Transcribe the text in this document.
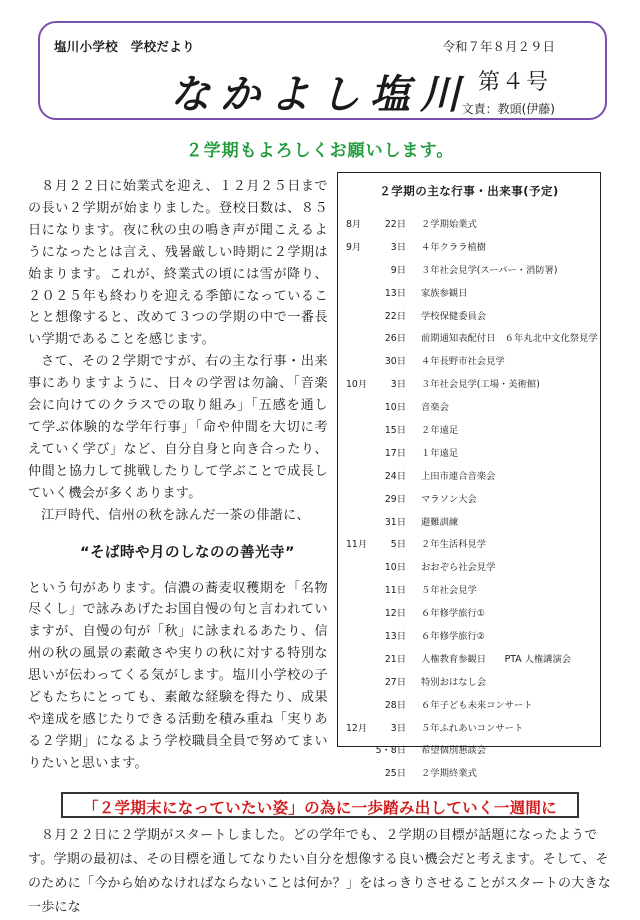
塩川小学校　学校だより	令和７年８月２９日
なかよし塩川 第４号
文責：教頭(伊藤)
２学期もよろしくお願いします。

８月２２日に始業式を迎え、１２月２５日までの長い２学期が始まりました。登校日数は、８５日になります。夜に秋の虫の鳴き声が聞こえるようになったとは言え、残暑厳しい時期に２学期は始まります。これが、終業式の頃には雪が降り、２０２５年も終わりを迎える季節になっていることと想像すると、改めて３つの学期の中で一番長い学期であることを感じます。

さて、その２学期ですが、右の主な行事・出来事にありますように、日々の学習は勿論、「音楽会に向けてのクラスでの取り組み」「五感を通して学ぶ体験的な学年行事」「命や仲間を大切に考えていく学び」など、自分自身と向き合ったり、仲間と協力して挑戦したりして学ぶことで成長していく機会が多くあります。

江戸時代、信州の秋を詠んだ一茶の俳諧に、

“そば時や月のしなのの善光寺”
という句があります。信濃の蕎麦収穫期を「名物尽くし」で詠みあげたお国自慢の句と言われていますが、自慢の句が「秋」に詠まれるあたり、信州の秋の風景の素敵さや実りの秋に対する特別な思いが伝わってくる気がします。塩川小学校の子どもたちにとっても、素敵な経験を得たり、成果や達成を感じたりできる活動を積み重ね「実りある２学期」になるよう学校職員全員で努めてまいりたいと思います。
２学期の主な行事・出来事(予定)
8月	22日 ２学期始業式
9月	3日 ４年クララ植樹
9日 ３年社会見学(スーパー・消防署)
13日 家族参観日
22日 学校保健委員会
26日 前期通知表配付日　６年丸北中文化祭見学
30日 ４年長野市社会見学
10月	3日 ３年社会見学(工場・美術館)
10日 音楽会
15日 ２年遠足
17日 １年遠足
24日 上田市連合音楽会
29日 マラソン大会
31日 避難訓練
11月	5日 ２年生活科見学
10日 おおぞら社会見学
11日 ５年社会見学
12日 ６年修学旅行①
13日 ６年修学旅行②
21日 人権教育参観日　　PTA 人権講演会
27日 特別おはなし会
28日 ６年子ども未来コンサート
12月	3日 ５年ふれあいコンサート
5・8日 希望個別懇談会
25日 ２学期終業式
「２学期末になっていたい姿」の為に一歩踏み出していく一週間に

８月２２日に２学期がスタートしました。どの学年でも、２学期の目標が話題になったようです。学期の最初は、その目標を通してなりたい自分を想像する良い機会だと考えます。そして、そのために「今から始めなければならないことは何か？」をはっきりさせることがスタートの大きな一歩にな
